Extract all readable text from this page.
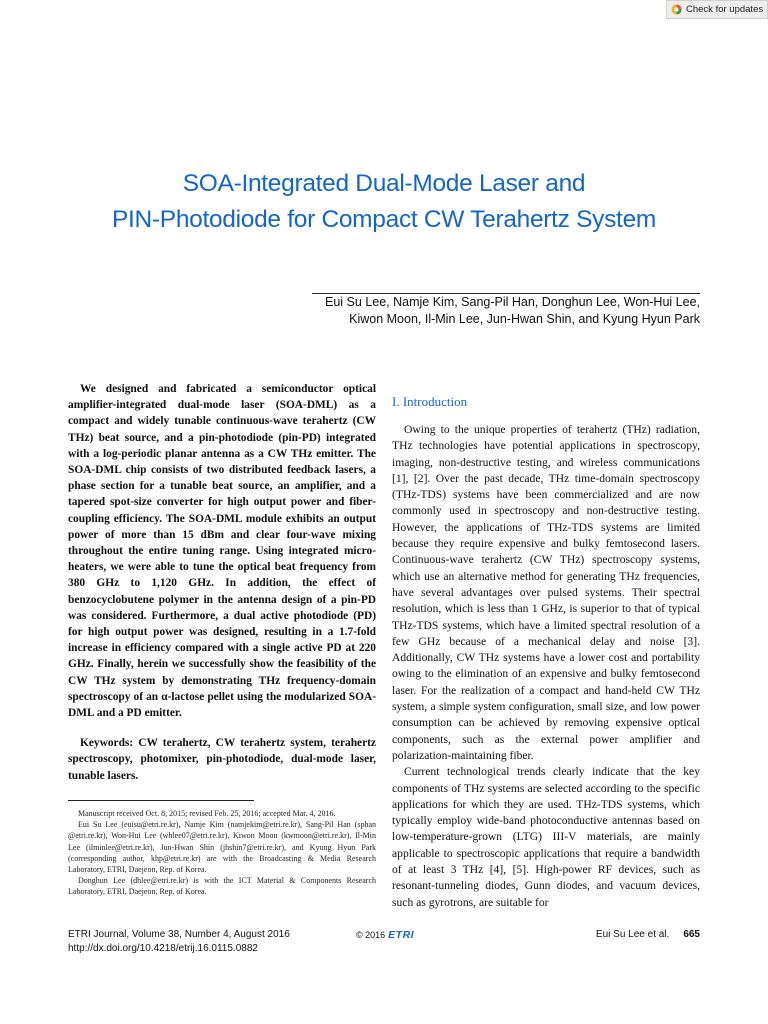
Check for updates
SOA-Integrated Dual-Mode Laser and
PIN-Photodiode for Compact CW Terahertz System
Eui Su Lee, Namje Kim, Sang-Pil Han, Donghun Lee, Won-Hui Lee,
Kiwon Moon, Il-Min Lee, Jun-Hwan Shin, and Kyung Hyun Park

We designed and fabricated a semiconductor optical amplifier-integrated dual-mode laser (SOA-DML) as a compact and widely tunable continuous-wave terahertz (CW THz) beat source, and a pin-photodiode (pin-PD) integrated with a log-periodic planar antenna as a CW THz emitter. The SOA-DML chip consists of two distributed feedback lasers, a phase section for a tunable beat source, an amplifier, and a tapered spot-size converter for high output power and fiber-coupling efficiency. The SOA-DML module exhibits an output power of more than 15 dBm and clear four-wave mixing throughout the entire tuning range. Using integrated micro-heaters, we were able to tune the optical beat frequency from 380 GHz to 1,120 GHz. In addition, the effect of benzocyclobutene polymer in the antenna design of a pin-PD was considered. Furthermore, a dual active photodiode (PD) for high output power was designed, resulting in a 1.7-fold increase in efficiency compared with a single active PD at 220 GHz. Finally, herein we successfully show the feasibility of the CW THz system by demonstrating THz frequency-domain spectroscopy of an α-lactose pellet using the modularized SOA-DML and a PD emitter.

Keywords: CW terahertz, CW terahertz system, terahertz spectroscopy, photomixer, pin-photodiode, dual-mode laser, tunable lasers.

Manuscript received Oct. 8, 2015; revised Feb. 25, 2016; accepted Mar. 4, 2016.

Eui Su Lee (euisu@etri.re.kr), Namje Kim (namjekim@etri.re.kr), Sang-Pil Han (sphan @etri.re.kr), Won-Hui Lee (whlee07@etri.re.kr), Kiwon Moon (kwmoon@etri.re.kr), Il-Min Lee (ilminlee@etri.re.kr), Jun-Hwan Shin (jhshin7@etri.re.kr), and Kyung Hyun Park (corresponding author, khp@etri.re.kr) are with the Broadcasting & Media Research Laboratory, ETRI, Daejeon, Rep. of Korea.

Donghun Lee (dhlee@etri.re.kr) is with the ICT Material & Components Research Laboratory, ETRI, Daejeon, Rep. of Korea.

I. Introduction

Owing to the unique properties of terahertz (THz) radiation, THz technologies have potential applications in spectroscopy, imaging, non-destructive testing, and wireless communications [1], [2]. Over the past decade, THz time-domain spectroscopy (THz-TDS) systems have been commercialized and are now commonly used in spectroscopy and non-destructive testing. However, the applications of THz-TDS systems are limited because they require expensive and bulky femtosecond lasers. Continuous-wave terahertz (CW THz) spectroscopy systems, which use an alternative method for generating THz frequencies, have several advantages over pulsed systems. Their spectral resolution, which is less than 1 GHz, is superior to that of typical THz-TDS systems, which have a limited spectral resolution of a few GHz because of a mechanical delay and noise [3]. Additionally, CW THz systems have a lower cost and portability owing to the elimination of an expensive and bulky femtosecond laser. For the realization of a compact and hand-held CW THz system, a simple system configuration, small size, and low power consumption can be achieved by removing expensive optical components, such as the external power amplifier and polarization-maintaining fiber.

Current technological trends clearly indicate that the key components of THz systems are selected according to the specific applications for which they are used. THz-TDS systems, which typically employ wide-band photoconductive antennas based on low-temperature-grown (LTG) III-V materials, are mainly applicable to spectroscopic applications that require a bandwidth of at least 3 THz [4], [5]. High-power RF devices, such as resonant-tunneling diodes, Gunn diodes, and vacuum devices, such as gyrotrons, are suitable for

ETRI Journal, Volume 38, Number 4, August 2016
http://dx.doi.org/10.4218/etrij.16.0115.0882
© 2016 ETRI	Eui Su Lee et al. 665
